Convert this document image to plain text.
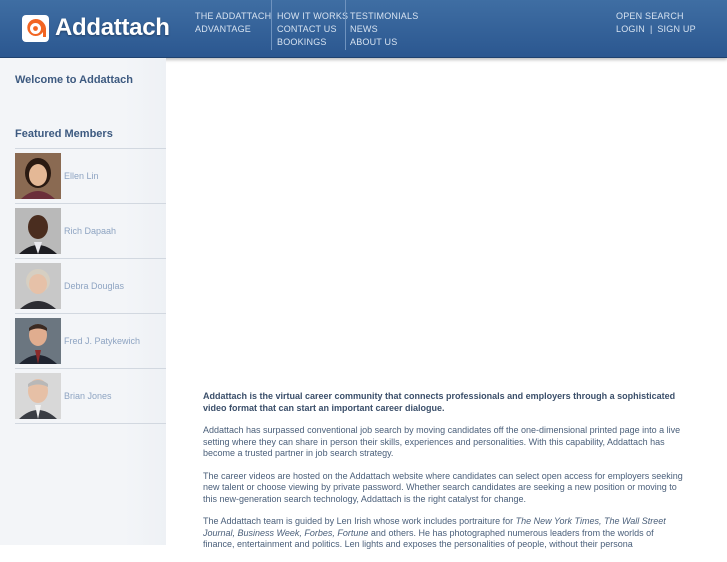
Addattach	THE ADDATTACH
ADVANTAGE
HOW IT WORKS
CONTACT US
BOOKINGS
TESTIMONIALS
NEWS
ABOUT US
OPEN SEARCH
LOGIN | SIGN UP
Welcome to Addattach
Featured Members
Ellen Lin
Rich Dapaah
Debra Douglas
Fred J. Patykewich
Brian Jones	Addattach is the virtual career community that connects professionals and employers through a sophisticated video format that can start an important career dialogue.

Addattach has surpassed conventional job search by moving candidates off the one-dimensional printed page into a live setting where they can share in person their skills, experiences and personalities. With this capability, Addattach has become a trusted partner in job search strategy.

The career videos are hosted on the Addattach website where candidates can select open access for employers seeking new talent or choose viewing by private password. Whether search candidates are seeking a new position or moving to this new-generation search technology, Addattach is the right catalyst for change.

The Addattach team is guided by Len Irish whose work includes portraiture for The New York Times, The Wall Street Journal, Business Week, Forbes, Fortune and others. He has photographed numerous leaders from the worlds of finance, entertainment and politics. Len lights and exposes the personalities of people, without their persona
